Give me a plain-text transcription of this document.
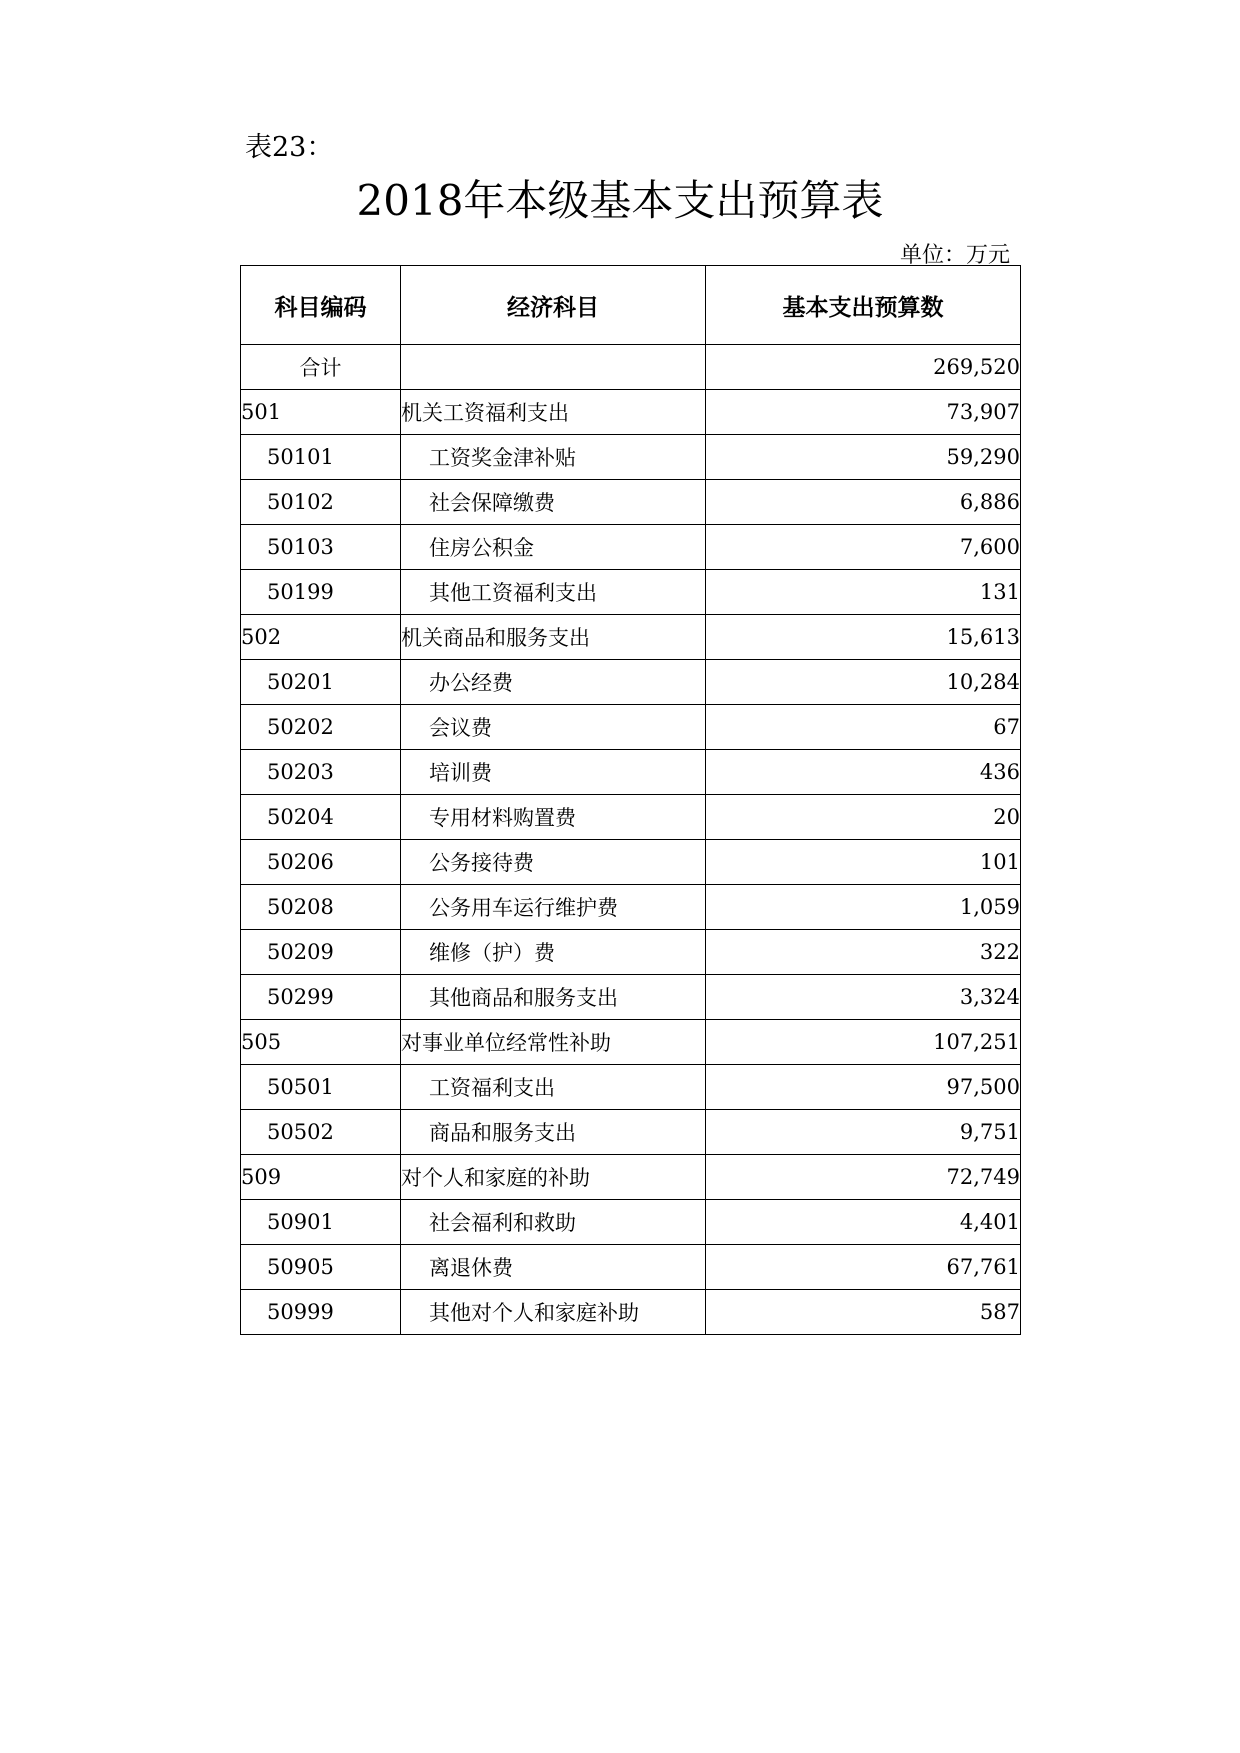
表23：
2018年本级基本支出预算表
单位：万元
科目编码	经济科目	基本支出预算数
合计		269,520
501	机关工资福利支出	73,907
50101	工资奖金津补贴	59,290
50102	社会保障缴费	6,886
50103	住房公积金	7,600
50199	其他工资福利支出	131
502	机关商品和服务支出	15,613
50201	办公经费	10,284
50202	会议费	67
50203	培训费	436
50204	专用材料购置费	20
50206	公务接待费	101
50208	公务用车运行维护费	1,059
50209	维修（护）费	322
50299	其他商品和服务支出	3,324
505	对事业单位经常性补助	107,251
50501	工资福利支出	97,500
50502	商品和服务支出	9,751
509	对个人和家庭的补助	72,749
50901	社会福利和救助	4,401
50905	离退休费	67,761
50999	其他对个人和家庭补助	587
